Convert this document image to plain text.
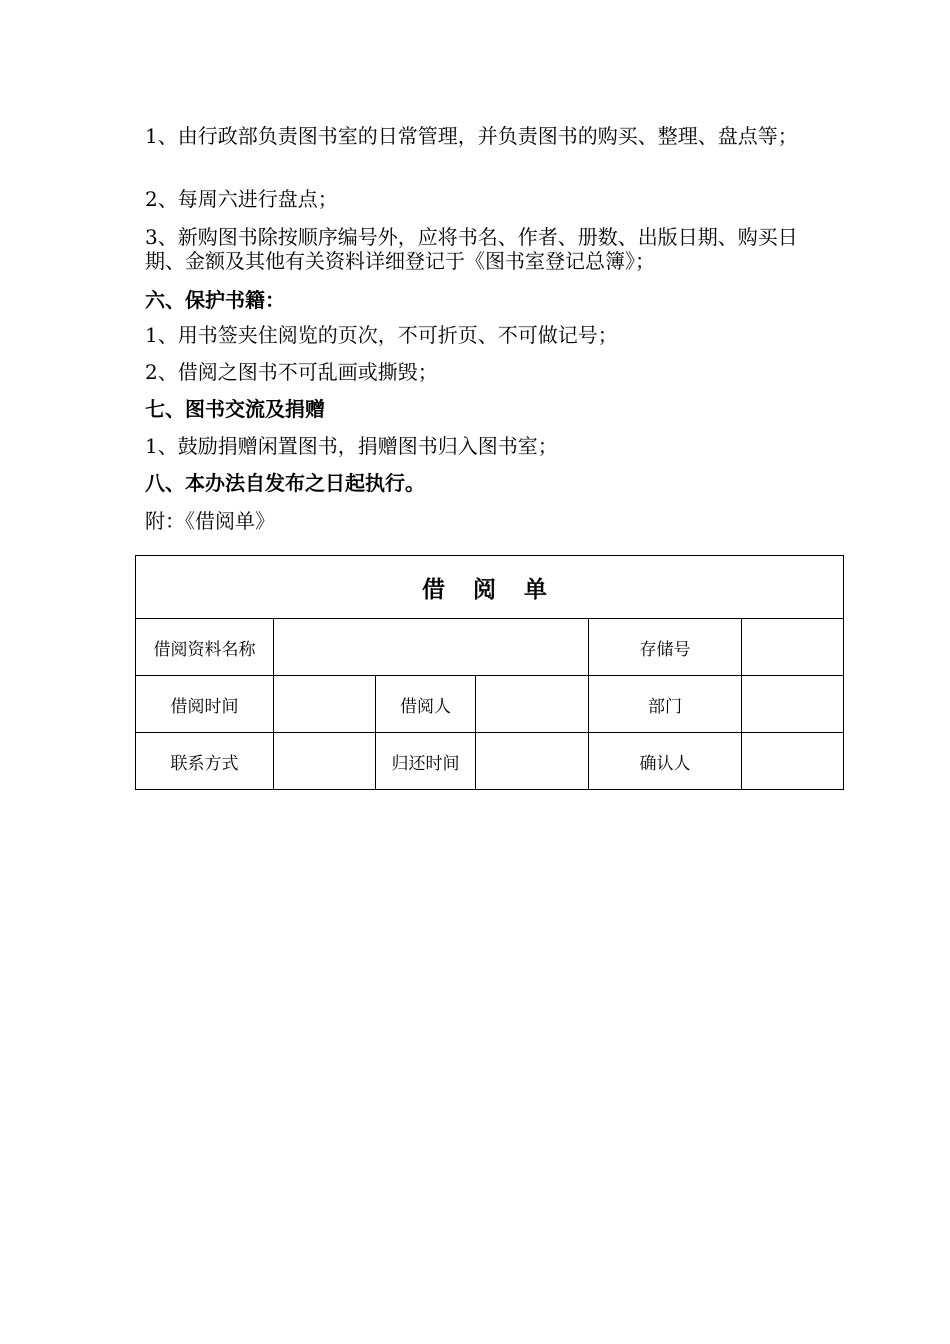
1、由行政部负责图书室的日常管理，并负责图书的购买、整理、盘点等；

2、每周六进行盘点；

3、新购图书除按顺序编号外，应将书名、作者、册数、出版日期、购买日期、金额及其他有关资料详细登记于《图书室登记总簿》；

六、保护书籍：

1、用书签夹住阅览的页次，不可折页、不可做记号；

2、借阅之图书不可乱画或撕毁；

七、图书交流及捐赠

1、鼓励捐赠闲置图书，捐赠图书归入图书室；

八、本办法自发布之日起执行。

附：《借阅单》

借 阅 单					
借阅资料名称				存储号	
借阅时间		借阅人		部门	
联系方式		归还时间		确认人	
